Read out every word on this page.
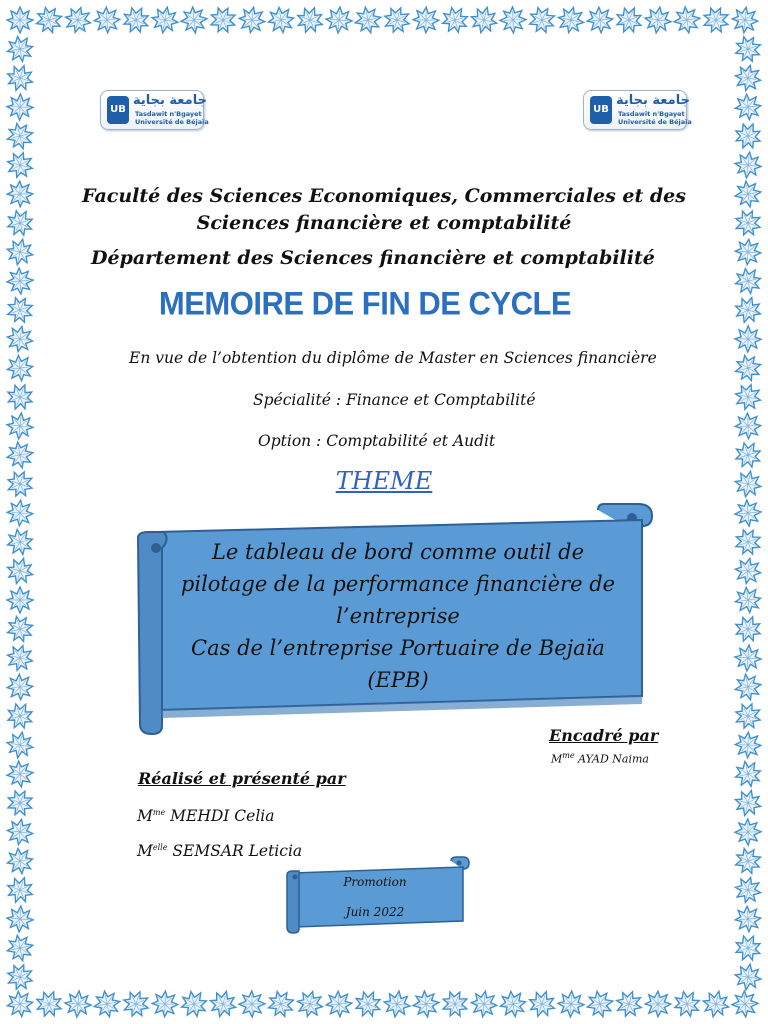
UB
جامعة بجاية
Tasdawit n'Bgayet
Université de Béjaïa
UB
جامعة بجاية
Tasdawit n'Bgayet
Université de Béjaïa
Faculté des Sciences Economiques, Commerciales et des
Sciences financière et comptabilité
Département des Sciences financière et comptabilité
MEMOIRE DE FIN DE CYCLE
En vue de l’obtention du diplôme de Master en Sciences financière
Spécialité : Finance et Comptabilité
Option : Comptabilité et Audit
THEME
Le tableau de bord comme outil de
pilotage de la performance financière de
l’entreprise
Cas de l’entreprise Portuaire de Bejaïa
(EPB)
Encadré par
$M^{me}$ AYAD Naima
Réalisé et présenté par
$M^{me}$ MEHDI Celia
$M^{elle}$ SEMSAR Leticia
Promotion
Juin 2022
